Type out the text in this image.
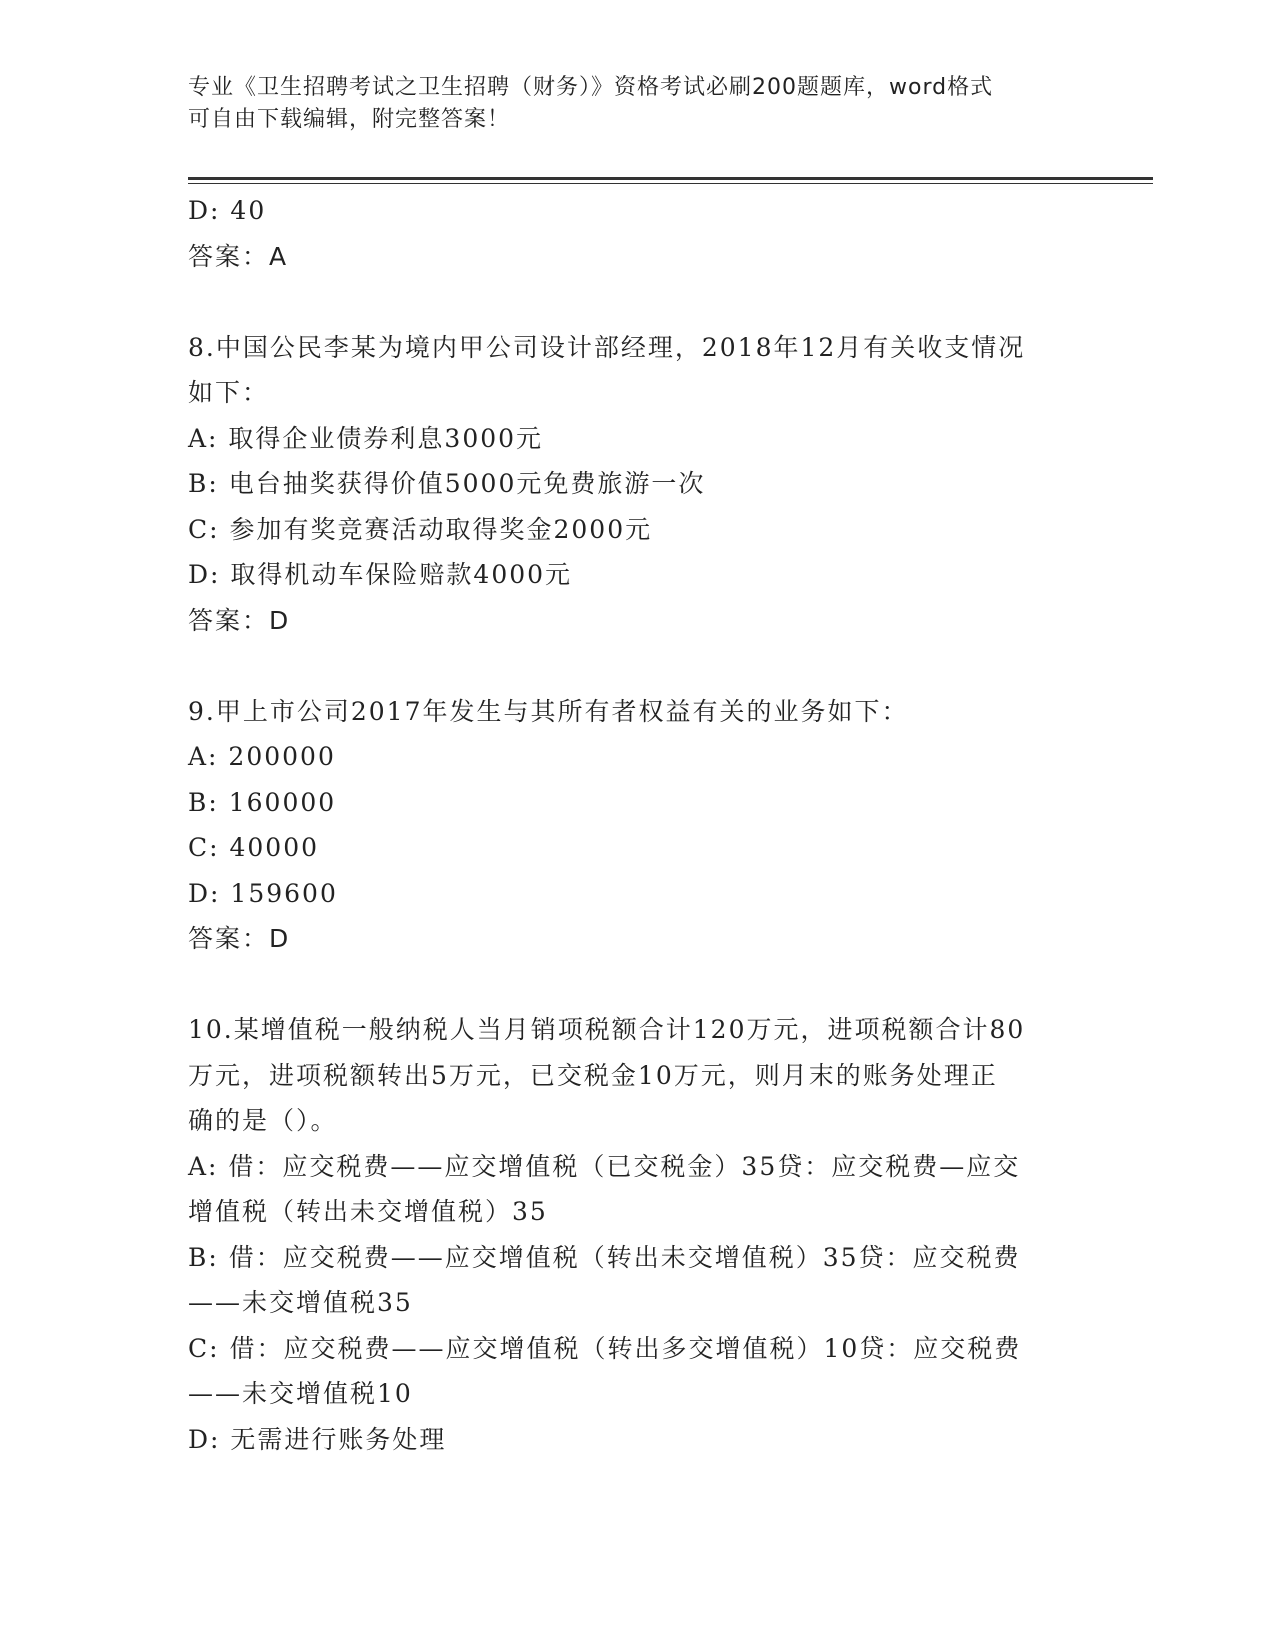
专业《卫生招聘考试之卫生招聘（财务）》资格考试必刷200题题库，word格式
可自由下载编辑，附完整答案！
D: 40
答案：A
8.中国公民李某为境内甲公司设计部经理，2018年12月有关收支情况
如下：
A: 取得企业债券利息3000元
B: 电台抽奖获得价值5000元免费旅游一次
C: 参加有奖竞赛活动取得奖金2000元
D: 取得机动车保险赔款4000元
答案：D
9.甲上市公司2017年发生与其所有者权益有关的业务如下：
A: 200000
B: 160000
C: 40000
D: 159600
答案：D
10.某增值税一般纳税人当月销项税额合计120万元，进项税额合计80
万元，进项税额转出5万元，已交税金10万元，则月末的账务处理正
确的是（）。
A: 借：应交税费——应交增值税（已交税金）35贷：应交税费—应交
增值税（转出未交增值税）35
B: 借：应交税费——应交增值税（转出未交增值税）35贷：应交税费
——未交增值税35
C: 借：应交税费——应交增值税（转出多交增值税）10贷：应交税费
——未交增值税10
D: 无需进行账务处理
